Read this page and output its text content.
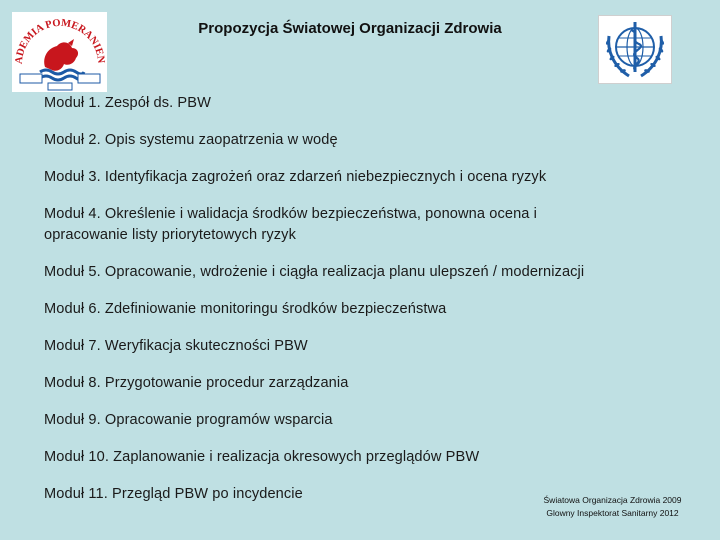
ADEMIA POMERANIEN
Propozycja Światowej Organizacji Zdrowia
Moduł 1. Zespół ds. PBW
Moduł 2. Opis systemu zaopatrzenia w wodę
Moduł 3. Identyfikacja zagrożeń oraz zdarzeń niebezpiecznych i ocena ryzyk
Moduł 4. Określenie i walidacja środków bezpieczeństwa, ponowna ocena i opracowanie listy priorytetowych ryzyk
Moduł 5. Opracowanie, wdrożenie i ciągła realizacja planu ulepszeń / modernizacji
Moduł 6. Zdefiniowanie monitoringu środków bezpieczeństwa
Moduł 7. Weryfikacja skuteczności PBW
Moduł 8. Przygotowanie procedur zarządzania
Moduł 9. Opracowanie programów wsparcia
Moduł 10. Zaplanowanie i realizacja okresowych przeglądów PBW
Moduł 11. Przegląd PBW po incydencie	Światowa Organizacja Zdrowia 2009
Glowny Inspektorat Sanitarny 2012
